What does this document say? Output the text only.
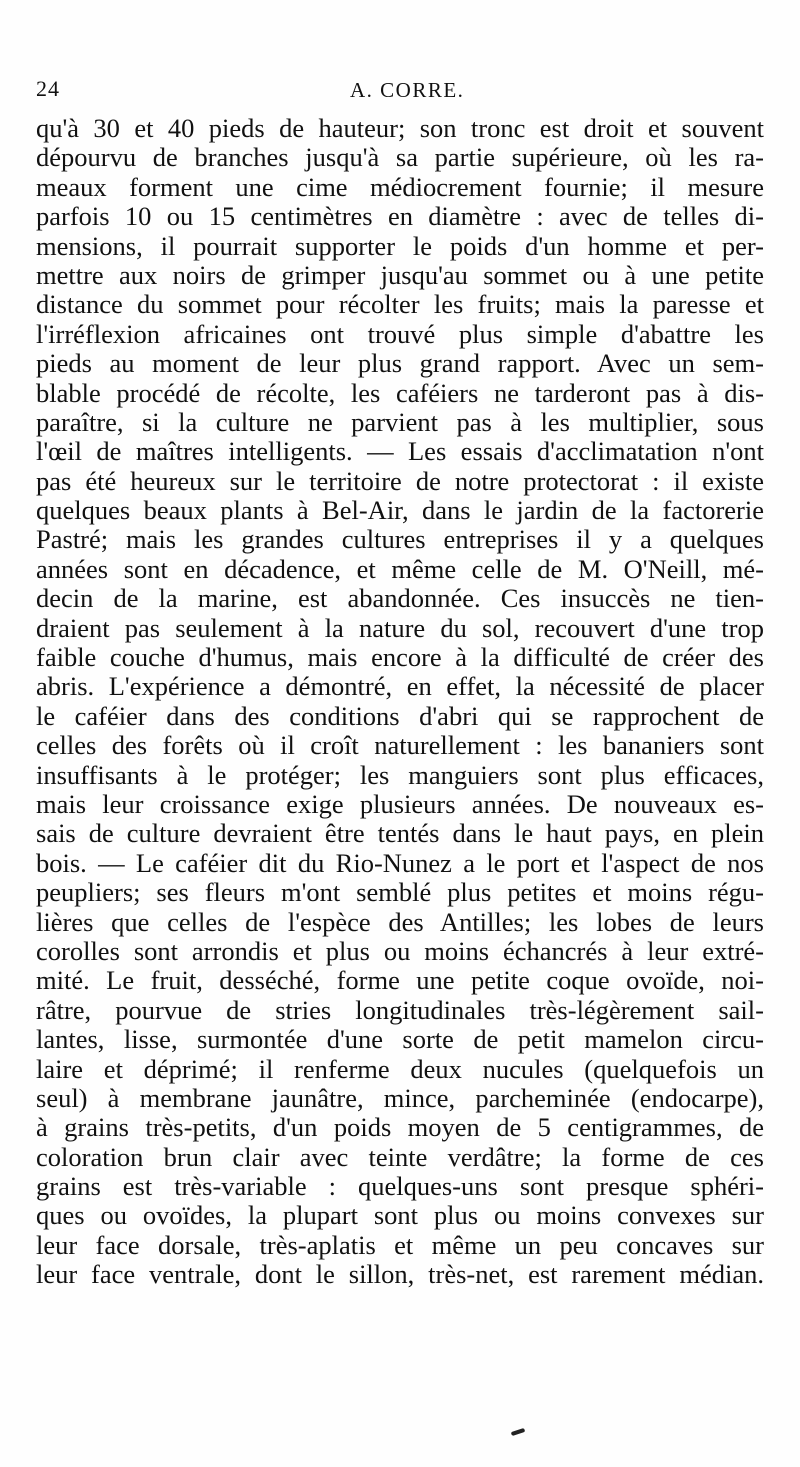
24	A. CORRE.
qu'à 30 et 40 pieds de hauteur; son tronc est droit et souvent
dépourvu de branches jusqu'à sa partie supérieure, où les ra-
meaux forment une cime médiocrement fournie; il mesure
parfois 10 ou 15 centimètres en diamètre : avec de telles di-
mensions, il pourrait supporter le poids d'un homme et per-
mettre aux noirs de grimper jusqu'au sommet ou à une petite
distance du sommet pour récolter les fruits; mais la paresse et
l'irréflexion africaines ont trouvé plus simple d'abattre les
pieds au moment de leur plus grand rapport. Avec un sem-
blable procédé de récolte, les caféiers ne tarderont pas à dis-
paraître, si la culture ne parvient pas à les multiplier, sous
l'œil de maîtres intelligents. — Les essais d'acclimatation n'ont
pas été heureux sur le territoire de notre protectorat : il existe
quelques beaux plants à Bel-Air, dans le jardin de la factorerie
Pastré; mais les grandes cultures entreprises il y a quelques
années sont en décadence, et même celle de M. O'Neill, mé-
decin de la marine, est abandonnée. Ces insuccès ne tien-
draient pas seulement à la nature du sol, recouvert d'une trop
faible couche d'humus, mais encore à la difficulté de créer des
abris. L'expérience a démontré, en effet, la nécessité de placer
le caféier dans des conditions d'abri qui se rapprochent de
celles des forêts où il croît naturellement : les bananiers sont
insuffisants à le protéger; les manguiers sont plus efficaces,
mais leur croissance exige plusieurs années. De nouveaux es-
sais de culture devraient être tentés dans le haut pays, en plein
bois. — Le caféier dit du Rio-Nunez a le port et l'aspect de nos
peupliers; ses fleurs m'ont semblé plus petites et moins régu-
lières que celles de l'espèce des Antilles; les lobes de leurs
corolles sont arrondis et plus ou moins échancrés à leur extré-
mité. Le fruit, desséché, forme une petite coque ovoïde, noi-
râtre, pourvue de stries longitudinales très-légèrement sail-
lantes, lisse, surmontée d'une sorte de petit mamelon circu-
laire et déprimé; il renferme deux nucules (quelquefois un
seul) à membrane jaunâtre, mince, parcheminée (endocarpe),
à grains très-petits, d'un poids moyen de 5 centigrammes, de
coloration brun clair avec teinte verdâtre; la forme de ces
grains est très-variable : quelques-uns sont presque sphéri-
ques ou ovoïdes, la plupart sont plus ou moins convexes sur
leur face dorsale, très-aplatis et même un peu concaves sur
leur face ventrale, dont le sillon, très-net, est rarement médian.
